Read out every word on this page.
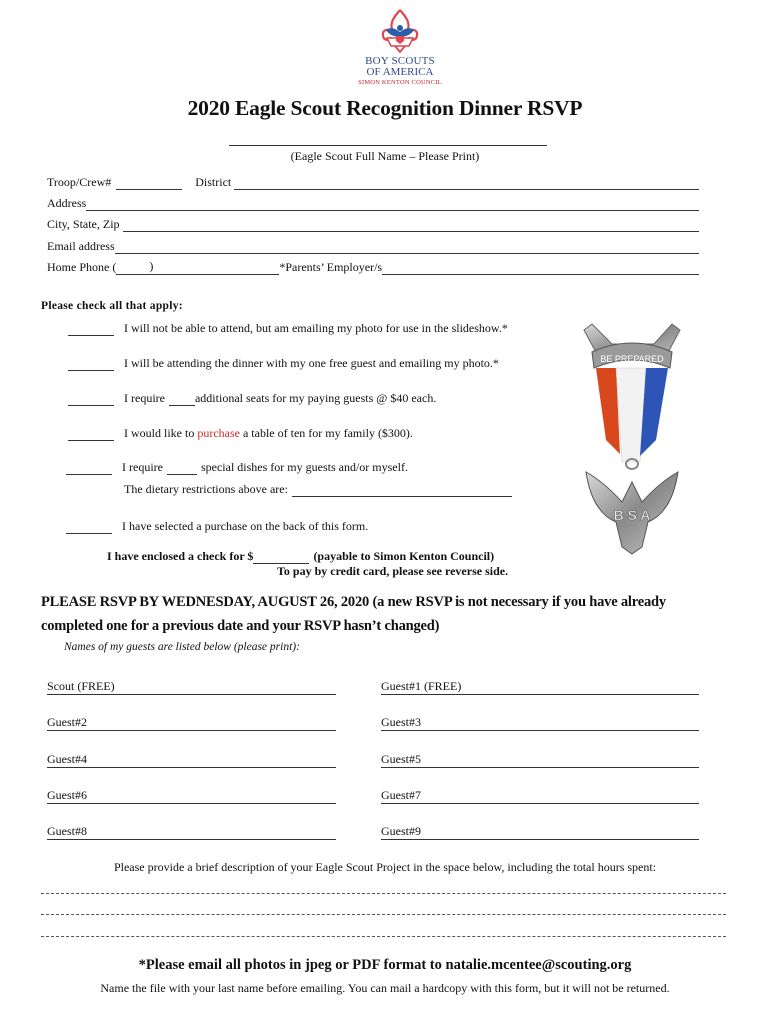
BOY SCOUTS
OF AMERICA
SIMON KENTON COUNCIL
2020 Eagle Scout Recognition Dinner RSVP
(Eagle Scout Full Name – Please Print)
Troop/Crew#	District
Address
City, State, Zip
Email address
Home Phone (	)	*Parents’ Employer/s
Please check all that apply:
I will not be able to attend, but am emailing my photo for use in the slideshow.*
I will be attending the dinner with my one free guest and emailing my photo.*
I require	additional seats for my paying guests @ $40 each.
I would like to
purchase
a table of ten for my family ($300).
I require	special dishes for my guests and/or myself.
The dietary restrictions above are:
I have selected a purchase on the back of this form.
I have enclosed a check for $	(payable to Simon Kenton Council)
To pay by credit card, please see reverse side.
BE PREPARED
B S A
PLEASE RSVP BY WEDNESDAY, AUGUST 26, 2020 (a new RSVP is not necessary if you have already
completed one for a previous date and your RSVP hasn’t changed)
Names of my guests are listed below (please print):
Scout (FREE)	Guest#1 (FREE)
Guest#2	Guest#3
Guest#4	Guest#5
Guest#6	Guest#7
Guest#8	Guest#9
Please provide a brief description of your Eagle Scout Project in the space below, including the total hours spent:
*Please email all photos in jpeg or PDF format to natalie.mcentee@scouting.org
Name the file with your last name before emailing. You can mail a hardcopy with this form, but it will not be returned.
